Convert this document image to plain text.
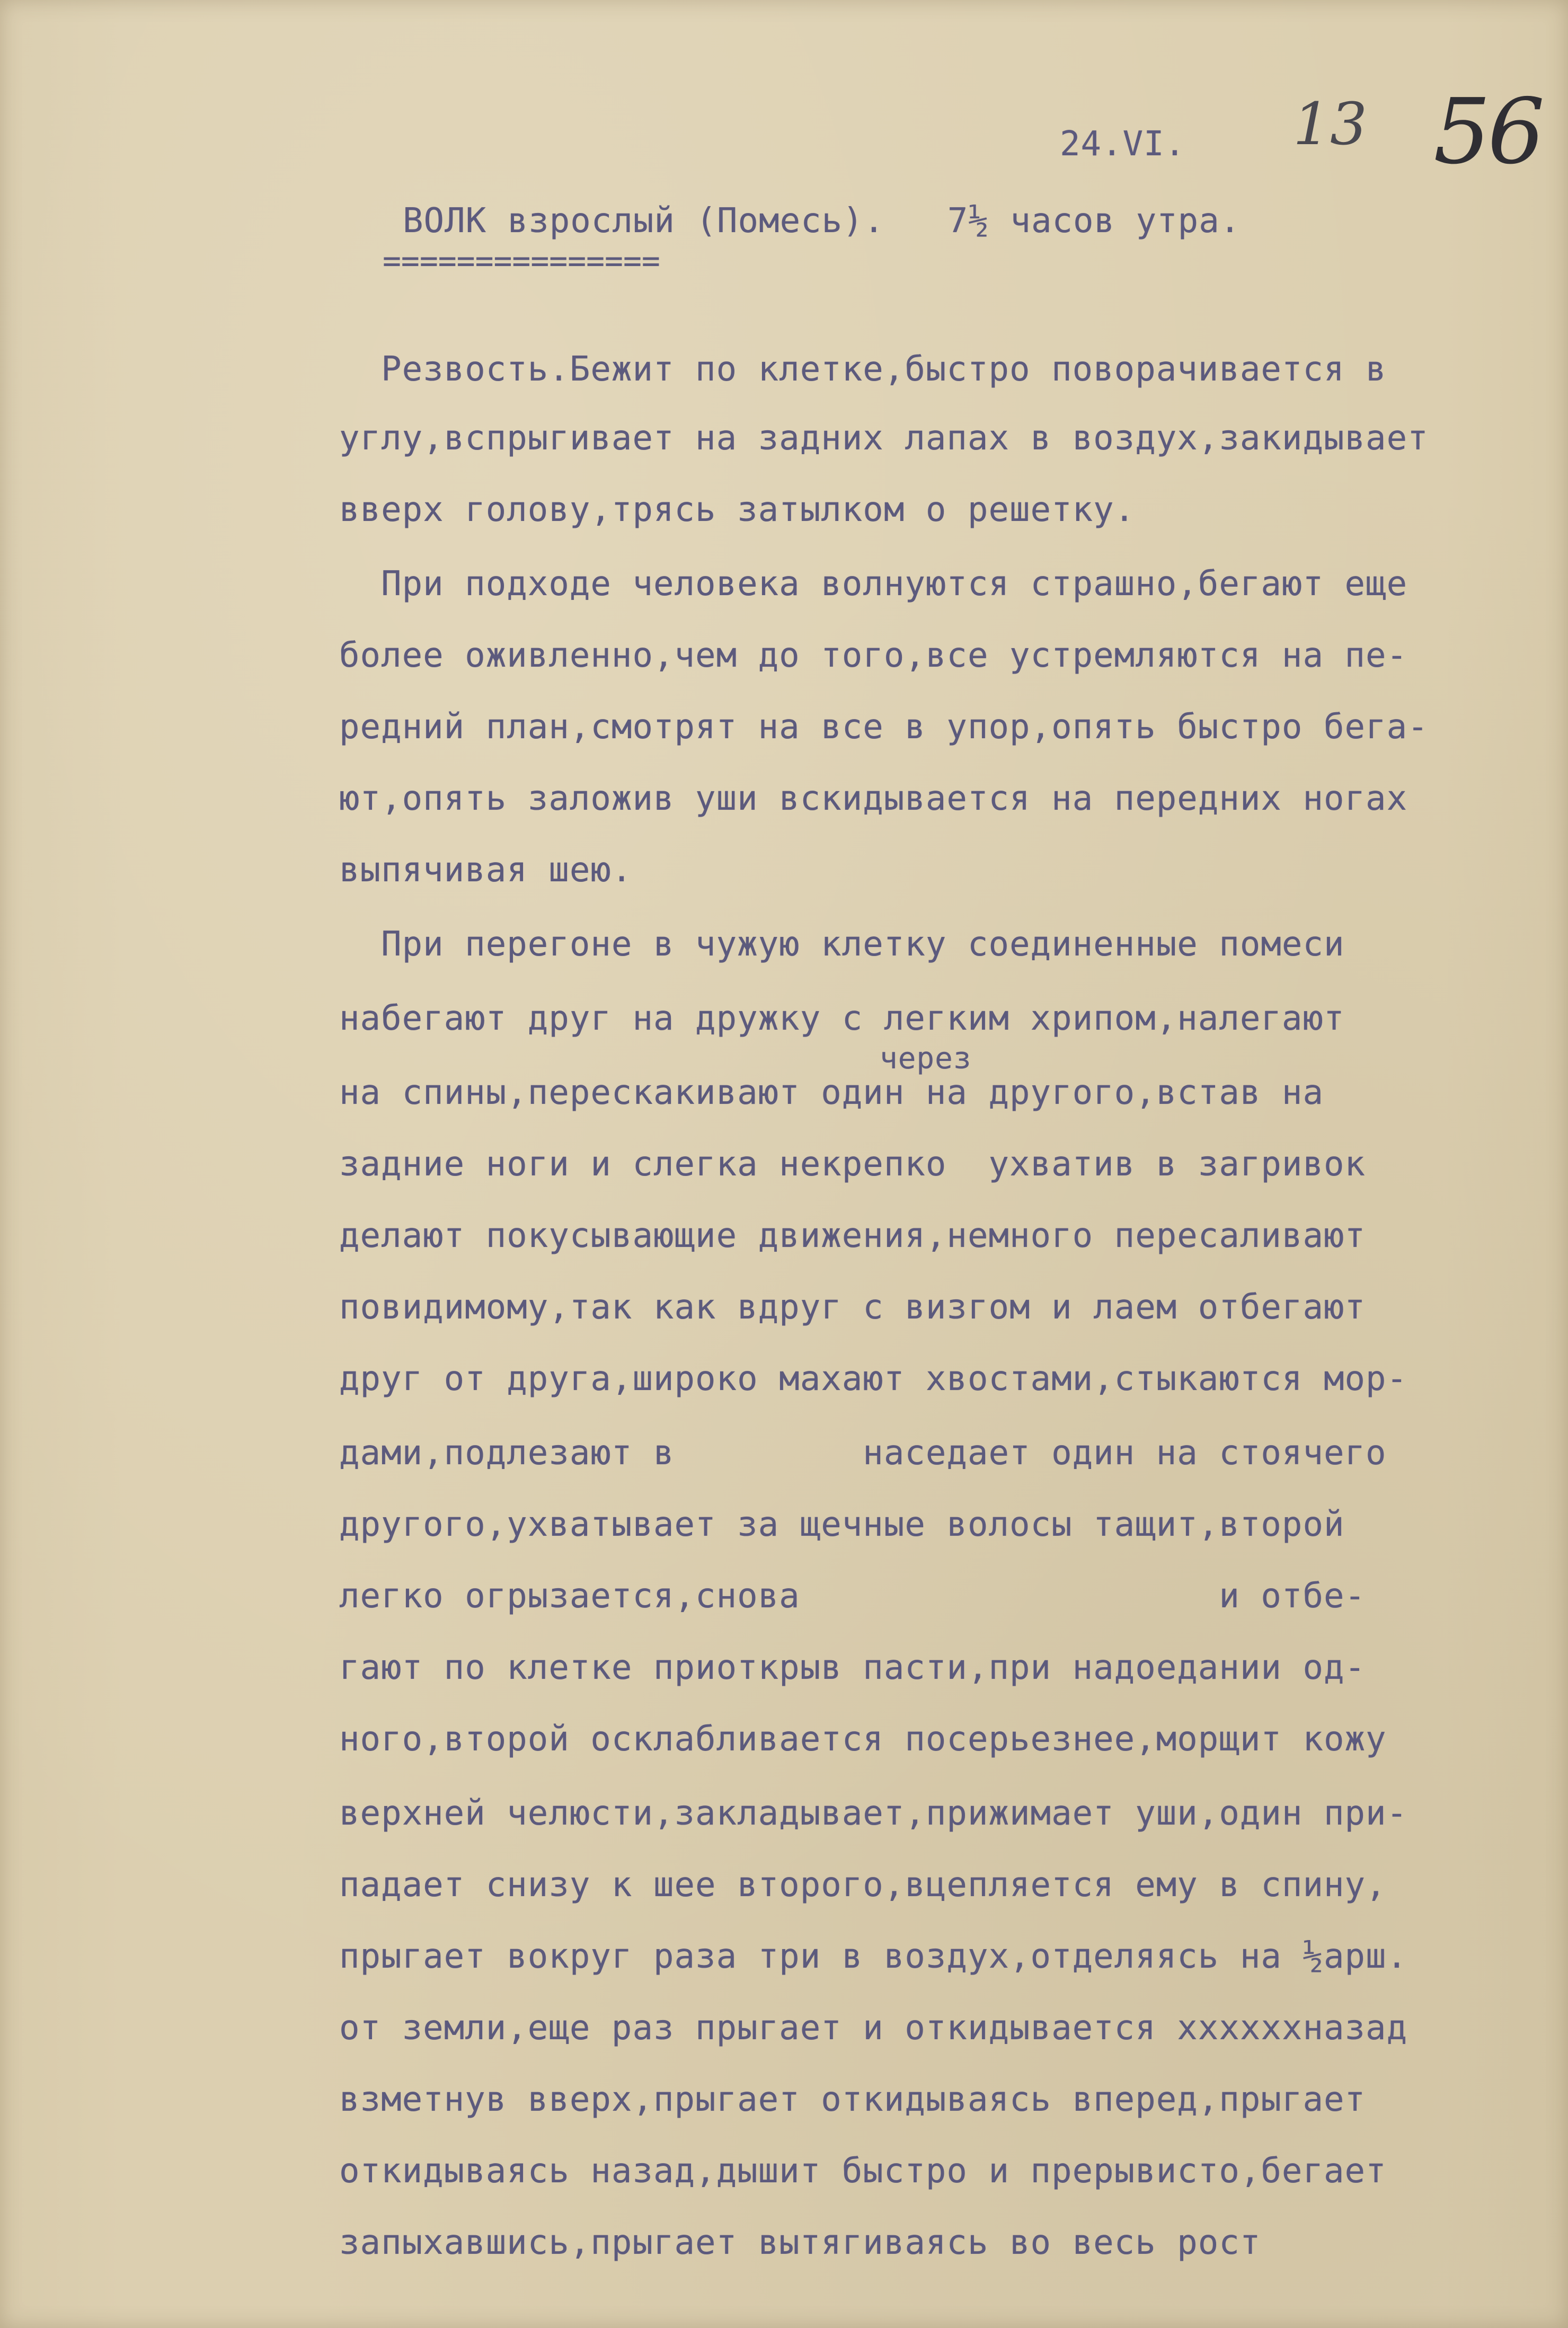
13 56
24.VI.
ВОЛК взрослый (Помесь).   7½ часов утра.
===============
через
Резвость.Бежит по клетке,быстро поворачивается в
углу,вспрыгивает на задних лапах в воздух,закидывает
вверх голову,трясь затылком о решетку.
При подходе человека волнуются страшно,бегают еще
более оживленно,чем до того,все устремляются на пе-
редний план,смотрят на все в упор,опять быстро бега-
ют,опять заложив уши вскидывается на передних ногах
выпячивая шею.
При перегоне в чужую клетку соединенные помеси
набегают друг на дружку с легким хрипом,налегают
на спины,перескакивают один на другого,встав на
задние ноги и слегка некрепко  ухватив в загривок
делают покусывающие движения,немного пересаливают
повидимому,так как вдруг с визгом и лаем отбегают
друг от друга,широко махают хвостами,стыкаются мор-
дами,подлезают в         наседает один на стоячего
другого,ухватывает за щечные волосы тащит,второй
легко огрызается,снова                    и отбе-
гают по клетке приоткрыв пасти,при надоедании од-
ного,второй осклабливается посерьезнее,морщит кожу
верхней челюсти,закладывает,прижимает уши,один при-
падает снизу к шее второго,вцепляется ему в спину,
прыгает вокруг раза три в воздух,отделяясь на ½арш.
от земли,еще раз прыгает и откидывается xxxxxxназад
взметнув вверх,прыгает откидываясь вперед,прыгает
откидываясь назад,дышит быстро и прерывисто,бегает
запыхавшись,прыгает вытягиваясь во весь рост
